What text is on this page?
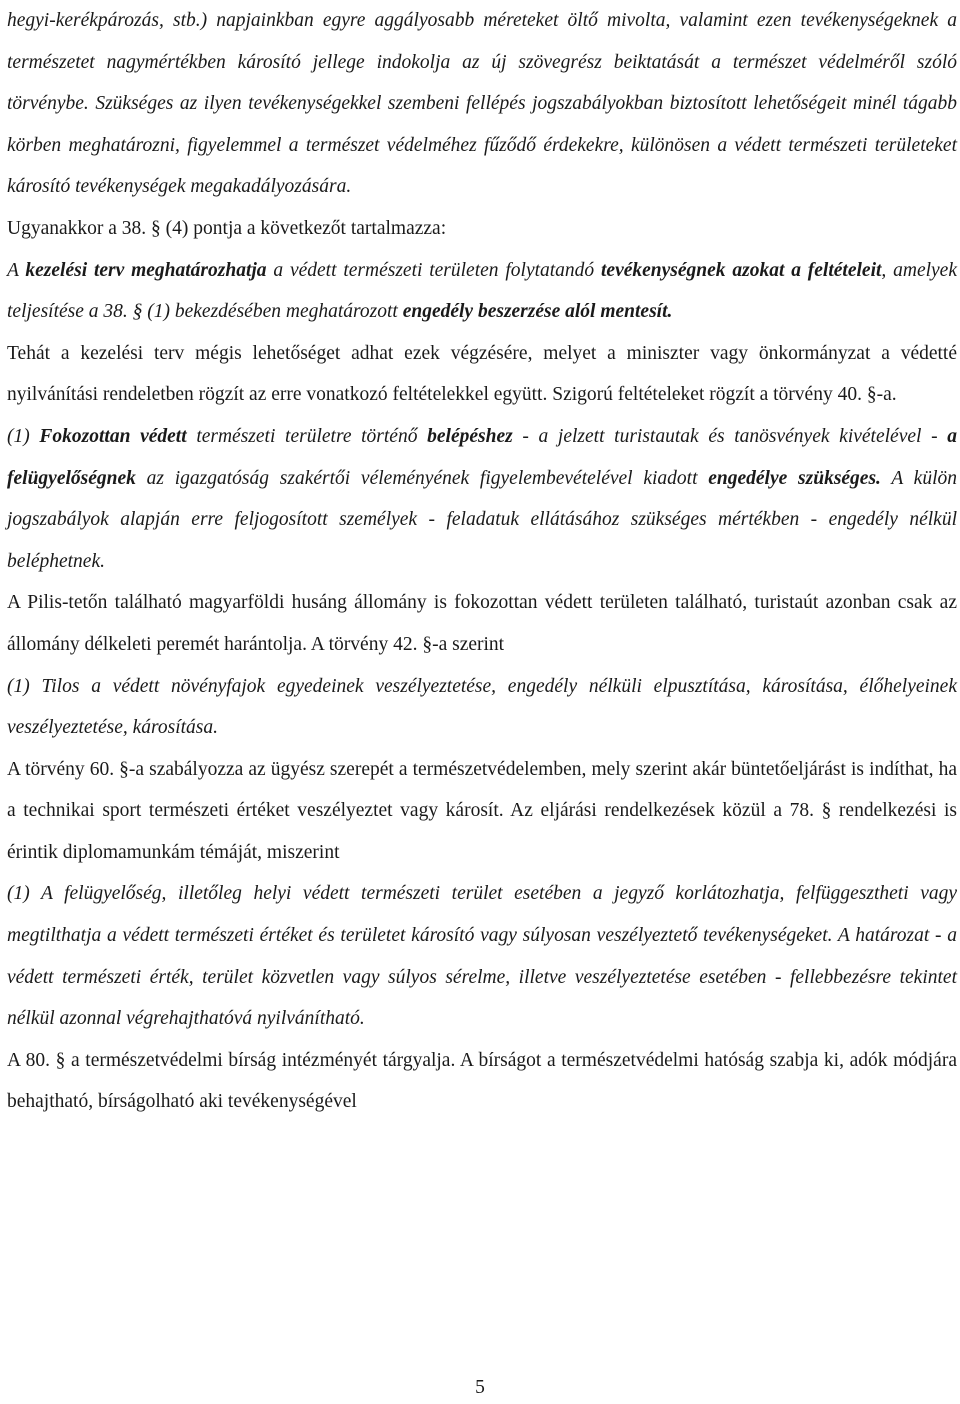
hegyi-kerékpározás, stb.) napjainkban egyre aggályosabb méreteket öltő mivolta, valamint ezen tevékenységeknek a természetet nagymértékben károsító jellege indokolja az új szövegrész beiktatását a természet védelméről szóló törvénybe. Szükséges az ilyen tevékenységekkel szembeni fellépés jogszabályokban biztosított lehetőségeit minél tágabb körben meghatározni, figyelemmel a természet védelméhez fűződő érdekekre, különösen a védett természeti területeket károsító tevékenységek megakadályozására.

Ugyanakkor a 38. § (4) pontja a következőt tartalmazza:

A kezelési terv meghatározhatja a védett természeti területen folytatandó tevékenységnek azokat a feltételeit, amelyek teljesítése a 38. § (1) bekezdésében meghatározott engedély beszerzése alól mentesít.

Tehát a kezelési terv mégis lehetőséget adhat ezek végzésére, melyet a miniszter vagy önkormányzat a védetté nyilvánítási rendeletben rögzít az erre vonatkozó feltételekkel együtt. Szigorú feltételeket rögzít a törvény 40. §-a.

(1) Fokozottan védett természeti területre történő belépéshez - a jelzett turistautak és tanösvények kivételével - a felügyelőségnek az igazgatóság szakértői véleményének figyelembevételével kiadott engedélye szükséges. A külön jogszabályok alapján erre feljogosított személyek - feladatuk ellátásához szükséges mértékben - engedély nélkül beléphetnek.

A Pilis-tetőn található magyarföldi husáng állomány is fokozottan védett területen található, turistaút azonban csak az állomány délkeleti peremét harántolja. A törvény 42. §-a szerint

(1) Tilos a védett növényfajok egyedeinek veszélyeztetése, engedély nélküli elpusztítása, károsítása, élőhelyeinek veszélyeztetése, károsítása.

A törvény 60. §-a szabályozza az ügyész szerepét a természetvédelemben, mely szerint akár büntetőeljárást is indíthat, ha a technikai sport természeti értéket veszélyeztet vagy károsít. Az eljárási rendelkezések közül a 78. § rendelkezési is érintik diplomamunkám témáját, miszerint

(1) A felügyelőség, illetőleg helyi védett természeti terület esetében a jegyző korlátozhatja, felfüggesztheti vagy megtilthatja a védett természeti értéket és területet károsító vagy súlyosan veszélyeztető tevékenységeket. A határozat - a védett természeti érték, terület közvetlen vagy súlyos sérelme, illetve veszélyeztetése esetében - fellebbezésre tekintet nélkül azonnal végrehajthatóvá nyilvánítható.

A 80. § a természetvédelmi bírság intézményét tárgyalja. A bírságot a természetvédelmi hatóság szabja ki, adók módjára behajtható, bírságolható aki tevékenységével

5
